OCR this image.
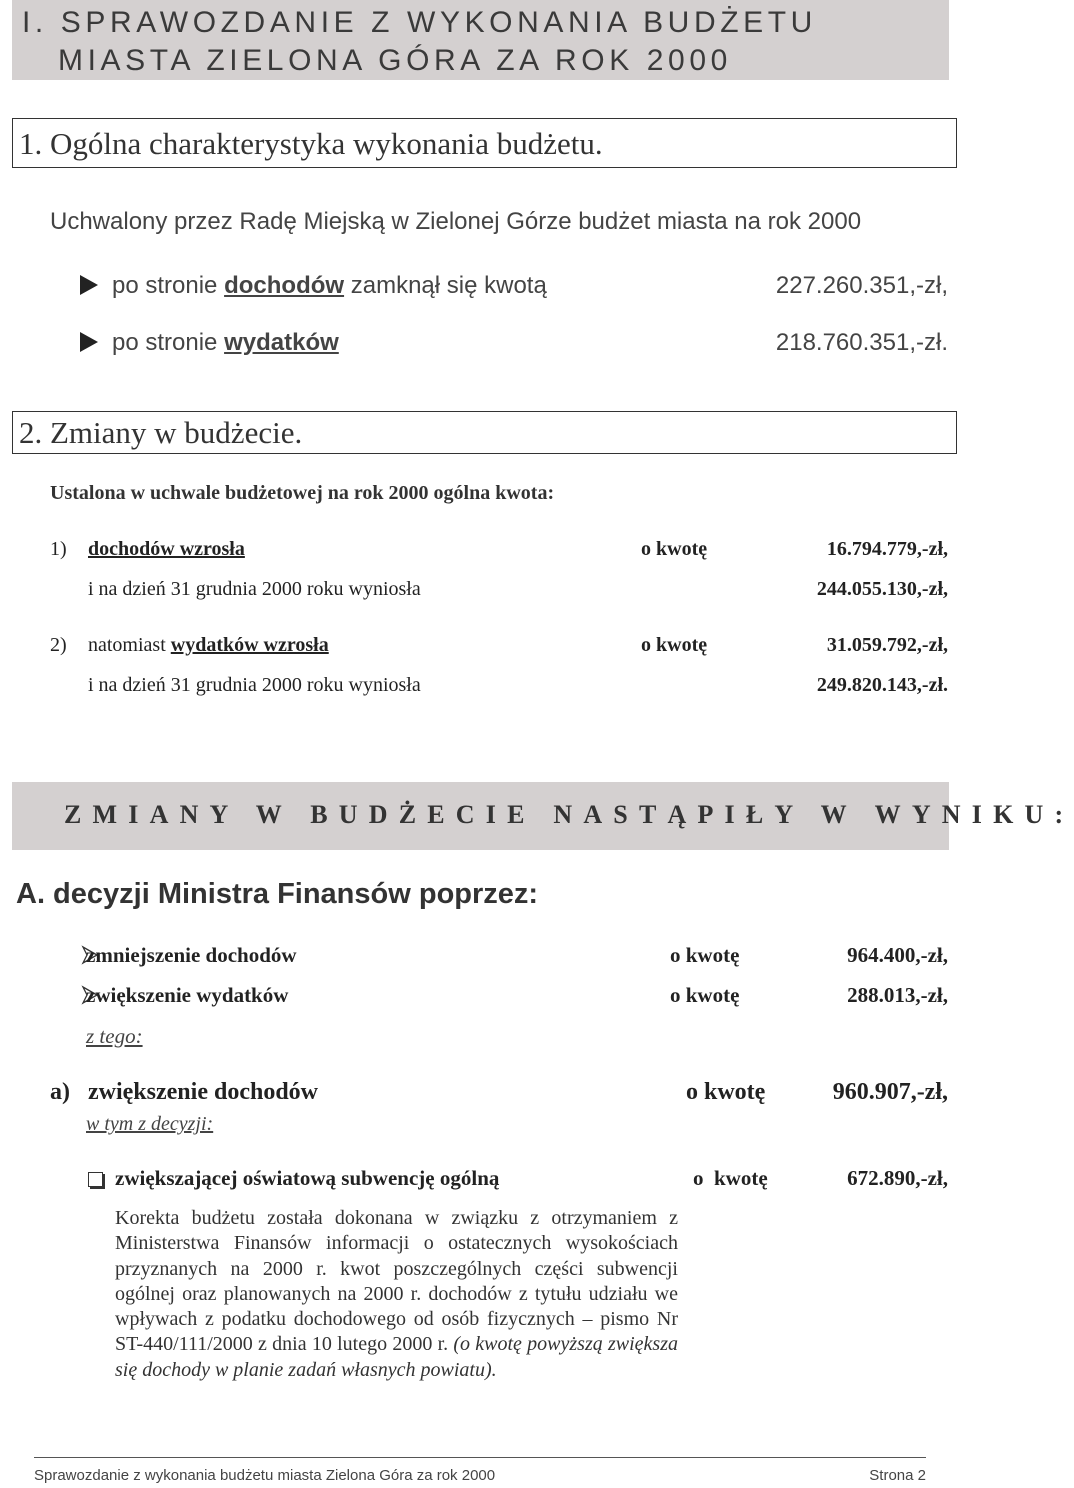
I. SPRAWOZDANIE Z WYKONANIA BUDŻETU
MIASTA ZIELONA GÓRA ZA ROK 2000
1. Ogólna charakterystyka wykonania budżetu.
Uchwalony przez Radę Miejską w Zielonej Górze budżet miasta na rok 2000
po stronie dochodów zamknął się kwotą	227.260.351,-zł,
po stronie wydatków	218.760.351,-zł.
2. Zmiany w budżecie.
Ustalona w uchwale budżetowej na rok 2000 ogólna kwota:
1) dochodów wzrosła	o kwotę	16.794.779,-zł,
i na dzień 31 grudnia 2000 roku wyniosła	244.055.130,-zł,
2) natomiast wydatków wzrosła	o kwotę	31.059.792,-zł,
i na dzień 31 grudnia 2000 roku wyniosła	249.820.143,-zł.
ZMIANY W BUDŻECIE NASTĄPIŁY W WYNIKU:
A. decyzji Ministra Finansów poprzez:
zmniejszenie dochodów	o kwotę	964.400,-zł,
zwiększenie wydatków	o kwotę	288.013,-zł,
z tego:
a) zwiększenie dochodów	o kwotę	960.907,-zł,
w tym z decyzji:
zwiększającej oświatową subwencję ogólną	o  kwotę	672.890,-zł,
Korekta budżetu została dokonana w związku z otrzymaniem z Ministerstwa Finansów informacji o ostatecznych wysokościach przyznanych na 2000 r. kwot poszczególnych części subwencji ogólnej oraz planowanych na 2000 r. dochodów z tytułu udziału we wpływach z podatku dochodowego od osób fizycznych – pismo Nr ST-440/111/2000 z dnia 10 lutego 2000 r. (o kwotę powyższą zwiększa się dochody w planie zadań własnych powiatu).
Sprawozdanie z wykonania budżetu miasta Zielona Góra za rok 2000	Strona 2
